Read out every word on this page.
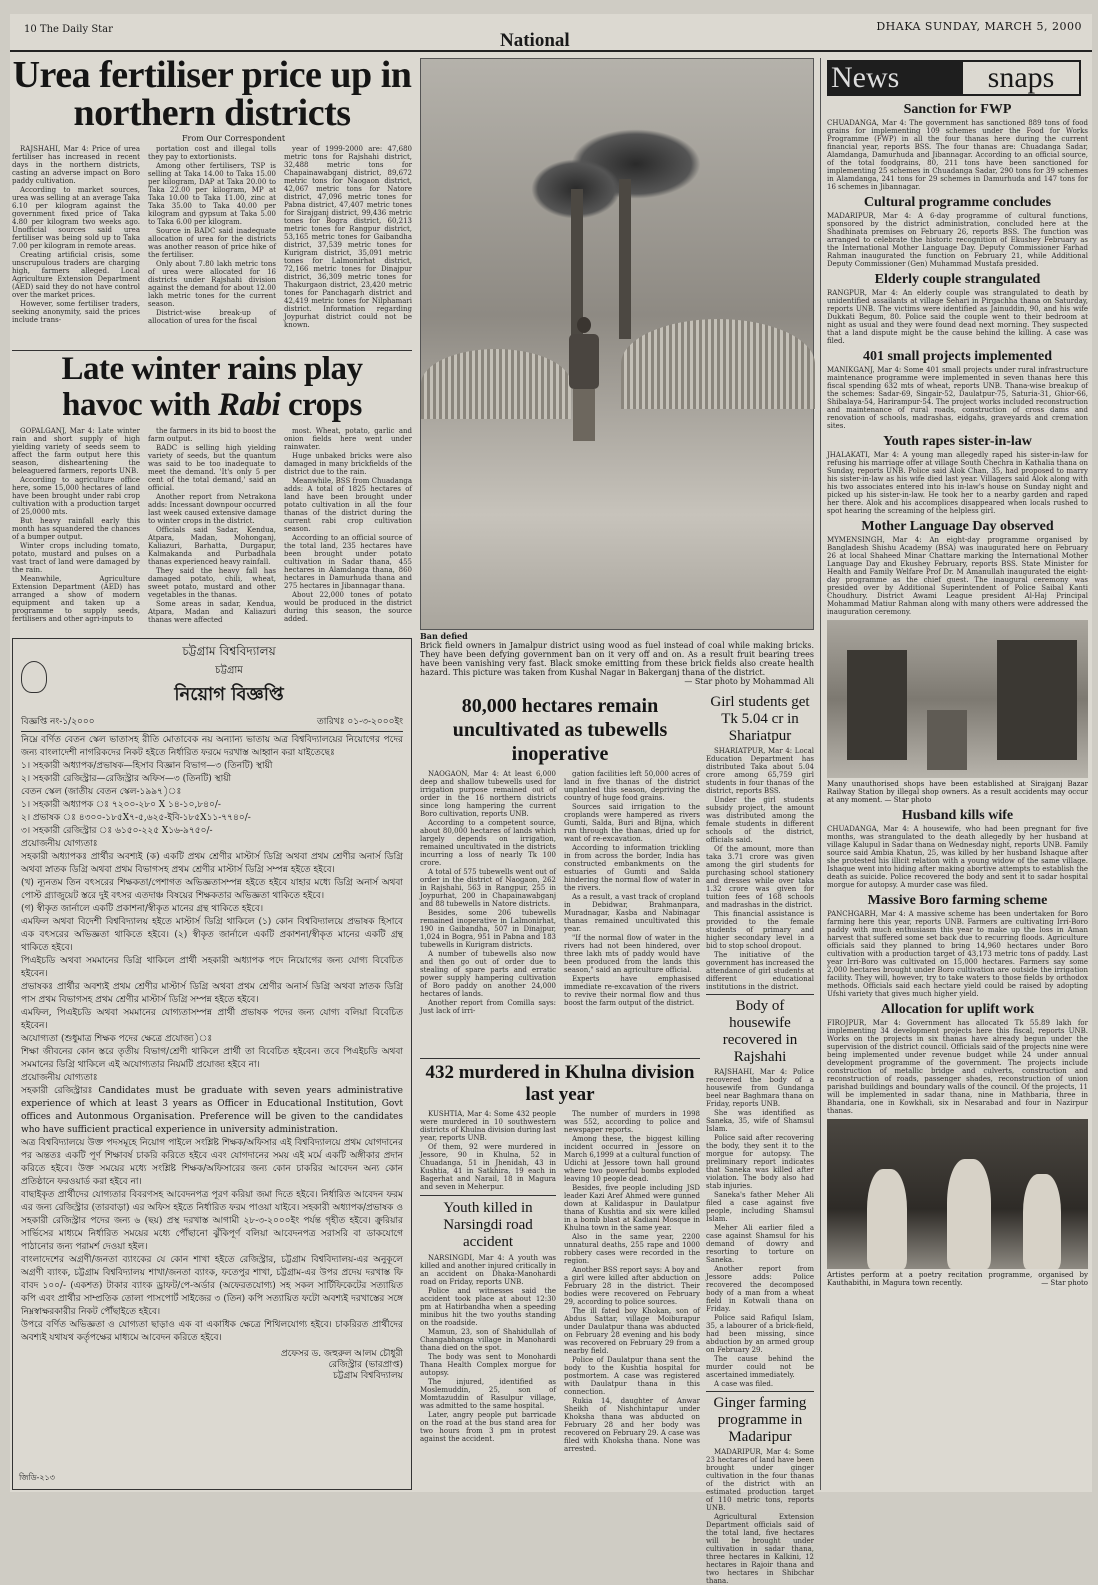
10 The Daily Star
National
DHAKA SUNDAY, MARCH 5, 2000
Urea fertiliser price up in northern districts
From Our Correspondent

RAJSHAHI, Mar 4: Price of urea fertiliser has increased in recent days in the northern districts, casting an adverse impact on Boro paddy cultivation.

According to market sources, urea was selling at an average Taka 6.10 per kilogram against the government fixed price of Taka 4.80 per kilogram two weeks ago. Unofficial sources said urea fertiliser was being sold up to Taka 7.00 per kilogram in remote areas.

Creating artificial crisis, some unscrupulous traders are charging high, farmers alleged. Local Agriculture Extension Department (AED) said they do not have control over the market prices.

However, some fertiliser traders, seeking anonymity, said the prices include trans-

portation cost and illegal tolls they pay to extortionists.

Among other fertilisers, TSP is selling at Taka 14.00 to Taka 15.00 per kilogram, DAP at Taka 20.00 to Taka 22.00 per kilogram, MP at Taka 10.00 to Taka 11.00, zinc at Taka 35.00 to Taka 40.00 per kilogram and gypsum at Taka 5.00 to Taka 6.00 per kilogram.

Source in BADC said inadequate allocation of urea for the districts was another reason of price hike of the fertiliser.

Only about 7.80 lakh metric tons of urea were allocated for 16 districts under Rajshahi division against the demand for about 12.00 lakh metric tones for the current season.

District-wise break-up of allocation of urea for the fiscal

year of 1999-2000 are: 47,680 metric tons for Rajshahi district, 32,488 metric tons for Chapainawabganj district, 89,672 metric tons for Naogaon district, 42,067 metric tons for Natore district, 47,096 metric tones for Pabna district, 47,407 metric tones for Sirajganj district, 99,436 metric tones for Bogra district, 60,213 metric tones for Rangpur district, 53,165 metric tones for Gaibandha district, 37,539 metric tones for Kurigram district, 35,091 metric tones for Lalmonirhat district, 72,166 metric tones for Dinajpur district, 36,309 metric tones for Thakurgaon district, 23,420 metric tones for Panchagarh district and 42,419 metric tones for Nilphamari district. Information regarding Joypurhat district could not be known.

Late winter rains play
havoc with Rabi crops

GOPALGANJ, Mar 4: Late winter rain and short supply of high yielding variety of seeds seem to affect the farm output here this season, disheartening the beleaguered farmers, reports UNB.

According to agriculture office here, some 15,000 hectares of land have been brought under rabi crop cultivation with a production target of 25,0000 mts.

But heavy rainfall early this month has squandered the chances of a bumper output.

Winter crops including tomato, potato, mustard and pulses on a vast tract of land were damaged by the rain.

Meanwhile, Agriculture Extension Department (AED) has arranged a show of modern equipment and taken up a programme to supply seeds, fertilisers and other agri-inputs to

the farmers in its bid to boost the farm output.

BADC is selling high yielding variety of seeds, but the quantum was said to be too inadequate to meet the demand. 'It's only 5 per cent of the total demand,' said an official.

Another report from Netrakona adds: Incessant downpour occurred last week caused extensive damage to winter crops in the district.

Officials said Sadar, Kendua, Atpara, Madan, Mohonganj, Kaliazuri, Barhatta, Durgapur, Kalmakanda and Purbadhala thanas experienced heavy rainfall.

They said the heavy fall has damaged potato, chili, wheat, sweet potato, mustard and other vegetables in the thanas.

Some areas in sadar, Kendua, Atpara, Madan and Kaliazuri thanas were affected

most. Wheat, potato, garlic and onion fields here went under rainwater.

Huge unbaked bricks were also damaged in many brickfields of the district due to the rain.

Meanwhile, BSS from Chuadanga adds: A total of 1825 hectares of land have been brought under potato cultivation in all the four thanas of the district during the current rabi crop cultivation season.

According to an official source of the total land, 235 hectares have been brought under potato cultivation in Sadar thana, 455 hectares in Alamdanga thana, 860 hectares in Damurhuda thana and 275 hectares in Jibannagar thana.

About 22,000 tones of potato would be produced in the district during this season, the source added.

চট্টগ্রাম বিশ্ববিদ্যালয়
চট্টগ্রাম
নিয়োগ বিজ্ঞপ্তি
বিজ্ঞপ্তি নং-১/২০০০	তারিখঃ ০১-৩-২০০০ইং

নিম্নে বর্ণিত বেতন স্কেল ভাতাসহ রীতি মোতাবেক নয় অন্যান্য ভাতায় অত্র বিশ্ববিদ্যালয়ের নিয়োগের পদের জন্য বাংলাদেশী নাগরিকদের নিকট হইতে নির্ধারিত ফরমে দরখাস্ত আহ্বান করা যাইতেছেঃ

১। সহকারী অধ্যাপক/প্রভাষক—হিসাব বিজ্ঞান বিভাগ—৩ (তিনটি) স্থায়ী

২। সহকারী রেজিস্ট্রার—রেজিস্ট্রার অফিস—৩ (তিনটি) স্থায়ী

বেতন স্কেল (জাতীয় বেতন স্কেল-১৯৯৭)ঃ

১। সহকারী অধ্যাপক ঃ ৭২০০-২৮০ X ১৪-১০,৮৪০/-

২। প্রভাষক ঃ ৪৩০০-১৮৫X৭-৫,৬২৫-ইবি-১৮৫X১১-৭৭৪০/-

৩। সহকারী রেজিস্ট্রার ঃ ৬১৫০-২২৫ X১৬-৯৭৫০/-

প্রয়োজনীয় যোগ্যতাঃ

সহকারী অধ্যাপকঃ প্রার্থীর অবশ্যই (ক) একটি প্রথম শ্রেণীর মাস্টার্স ডিগ্রি অথবা প্রথম শ্রেণীর অনার্স ডিগ্রি অথবা স্নাতক ডিগ্রি অথবা প্রথম বিভাগসহ প্রথম শ্রেণীর মাস্টার্স ডিগ্রি সম্পন্ন হইতে হইবে।

(খ) ন্যূনতম তিন বৎসরের শিক্ষকতা/পেশাগত অভিজ্ঞতাসম্পন্ন হইতে হইবে যাহার মধ্যে ডিগ্রি অনার্স অথবা পোস্ট গ্র্যাজুয়েট স্তরে দুই বৎসর এতদাঞ্চ বিষয়ের শিক্ষকতার অভিজ্ঞতা থাকিতে হইবে।

(গ) স্বীকৃত জার্নালে একটি প্রকাশনা/স্বীকৃত মানের গ্রন্থ থাকিতে হইবে।

এমফিল অথবা বিদেশী বিশ্ববিদ্যালয় হইতে মাস্টার্স ডিগ্রি থাকিলে (১) কোন বিশ্ববিদ্যালয়ে প্রভাষক হিসাবে এক বৎসরের অভিজ্ঞতা থাকিতে হইবে। (২) স্বীকৃত জার্নালে একটি প্রকাশনা/স্বীকৃত মানের একটি গ্রন্থ থাকিতে হইবে।

পিএইচডি অথবা সমমানের ডিগ্রি থাকিলে প্রার্থী সহকারী অধ্যাপক পদে নিয়োগের জন্য যোগ্য বিবেচিত হইবেন।

প্রভাষকঃ প্রার্থীর অবশ্যই প্রথম শ্রেণীর মাস্টার্স ডিগ্রি অথবা প্রথম শ্রেণীর অনার্স ডিগ্রি অথবা স্নাতক ডিগ্রি পাস প্রথম বিভাগসহ প্রথম শ্রেণীর মাস্টার্স ডিগ্রি সম্পন্ন হইতে হইবে।

এমফিল, পিএইচডি অথবা সমমানের যোগ্যতাসম্পন্ন প্রার্থী প্রভাষক পদের জন্য যোগ্য বলিয়া বিবেচিত হইবেন।

অযোগ্যতা (শুধুমাত্র শিক্ষক পদের ক্ষেত্রে প্রযোজ্য)ঃ

শিক্ষা জীবনের কোন স্তরে তৃতীয় বিভাগ/শ্রেণী থাকিলে প্রার্থী তা বিবেচিত হইবেন। তবে পিএইচডি অথবা সমমানের ডিগ্রি থাকিলে এই অযোগ্যতার নিয়মটি প্রযোজ্য হইবে না।

প্রয়োজনীয় যোগ্যতাঃ

সহকারী রেজিস্ট্রারঃ Candidates must be graduate with seven years administrative experience of which at least 3 years as Officer in Educational Institution, Govt offices and Autonmous Organisation. Preference will be given to the candidates who have sufficient practical experience in university administration.

অত্র বিশ্ববিদ্যালয়ে উক্ত পদসমূহে নিয়োগ পাইলে সংশ্লিষ্ট শিক্ষক/অফিসার এই বিশ্ববিদ্যালয়ে প্রথম যোগদানের পর অন্ততঃ একটি পূর্ণ শিক্ষাবর্ষ চাকরি করিতে হইবে এবং যোগদানের সময় এই মর্মে একটি অঙ্গীকার প্রদান করিতে হইবে। উক্ত সময়ের মধ্যে সংশ্লিষ্ট শিক্ষক/অফিসারের জন্য কোন চাকরির আবেদন অন্য কোন প্রতিষ্ঠানে ফরওয়ার্ড করা হইবে না।

বাছাইকৃত প্রার্থীদের যোগ্যতার বিবরণসহ আবেদনপত্র পূরণ করিয়া জমা দিতে হইবে। নির্ধারিত আবেদন ফরম এর জন্য রেজিস্ট্রার (তারবাড়া) এর অফিস হইতে নির্ধারিত ফরম পাওয়া যাইবে। সহকারী অধ্যাপক/প্রভাষক ও সহকারী রেজিস্ট্রার পদের জন্য ৬ (ছয়) প্রস্থ দরখাস্ত আগামী ২৮-৩-২০০০ইং পর্যন্ত গৃহীত হইবে। ক্রুরিয়ার সার্ভিসের মাধ্যমে নির্ধারিত সময়ের মধ্যে পৌঁছানো ঝুঁকিপূর্ণ বলিয়া আবেদনপত্র সরাসরি বা ডাকযোগে পাঠানোর জন্য পরামর্শ দেওয়া হইল।

বাংলাদেশের অগ্রণী/জনতা ব্যাংকের যে কোন শাখা হইতে রেজিস্ট্রার, চট্টগ্রাম বিশ্ববিদ্যালয়-এর অনুকূলে অগ্রণী ব্যাংক, চট্টগ্রাম বিশ্ববিদ্যালয় শাখা/জনতা ব্যাংক, ফতেপুর শাখা, চট্টগ্রাম-এর উপর প্রদেয় দরখাস্ত ফি বাবদ ১০০/- (একশত) টাকার ব্যাংক ড্রাফট/পে-অর্ডার (অফেরতযোগ্য) সহ সকল সার্টিফিকেটের সত্যায়িত কপি এবং প্রার্থীর সাম্প্রতিক তোলা পাসপোর্ট সাইজের ৩ (তিন) কপি সত্যায়িত ফটো অবশ্যই দরখাস্তের সঙ্গে নিম্নস্বাক্ষরকারীর নিকট পৌঁছাইতে হইবে।

উপরে বর্ণিত অভিজ্ঞতা ও যোগ্যতা ছাড়াও এক বা একাধিক ক্ষেত্রে শিথিলযোগ্য হইবে। চাকরিরত প্রার্থীদের অবশ্যই যথাযথ কর্তৃপক্ষের মাধ্যমে আবেদন করিতে হইবে।

প্রফেসর ড. জহুরুল আলম চৌধুরী
রেজিস্ট্রার (ভারপ্রাপ্ত)
চট্টগ্রাম বিশ্ববিদ্যালয়
জিডি-২১৩
Ban defied
Brick field owners in Jamalpur district using wood as fuel instead of coal while making bricks. They have been defying government ban on it very off and on. As a result fruit bearing trees have been vanishing very fast. Black smoke emitting from these brick fields also create health hazard. This picture was taken from Kushal Nagar in Bakerganj thana of the district.
— Star photo by Mohammad Ali
80,000 hectares remain uncultivated as tubewells inoperative

NAOGAON, Mar 4: At least 6,000 deep and shallow tubewells used for irrigation purpose remained out of order in the 16 northern districts since long hampering the current Boro cultivation, reports UNB.

According to a competent source, about 80,000 hectares of lands which largely depends on irrigation, remained uncultivated in the districts incurring a loss of nearly Tk 100 crore.

A total of 575 tubewells went out of order in the district of Naogaon, 262 in Rajshahi, 563 in Rangpur, 255 in Joypurhat, 200 in Chapainawabganj and 88 tubewells in Natore districts.

Besides, some 206 tubewells remained inoperative in Lalmonirhat, 190 in Gaibandha, 507 in Dinajpur, 1,024 in Bogra, 951 in Pabna and 183 tubewells in Kurigram districts.

A number of tubewells also now and then go out of order due to stealing of spare parts and erratic power supply hampering cultivation of Boro paddy on another 24,000 hectares of lands.

Another report from Comilla says: Just lack of irri-

gation facilities left 50,000 acres of land in five thanas of the district unplanted this season, depriving the country of huge food grains.

Sources said irrigation to the croplands were hampered as rivers Gumti, Salda, Buri and Bijna, which run through the thanas, dried up for want of re-excavation.

According to information trickling in from across the border, India has constructed embankments on the estuaries of Gumti and Salda hindering the normal flow of water in the rivers.

As a result, a vast track of cropland in Debidwar, Brahmanpara, Muradnagar, Kasba and Nabinagar thanas remained uncultivated this year.

"If the normal flow of water in the rivers had not been hindered, over three lakh mts of paddy would have been produced from the lands this season," said an agriculture official.

Experts have emphasised immediate re-excavation of the rivers to revive their normal flow and thus boost the farm output of the district.

432 murdered in Khulna division last year

KUSHTIA, Mar 4: Some 432 people were murdered in 10 southwestern districts of Khulna division during last year, reports UNB.

Of them, 92 were murdered in Jessore, 90 in Khulna, 52 in Chuadanga, 51 in Jhenidah, 43 in Kushtia, 41 in Satkhira, 19 each in Bagerhat and Narail, 18 in Magura and seven in Meherpur.

Youth killed in Narsingdi road accident

NARSINGDI, Mar 4: A youth was killed and another injured critically in an accident on Dhaka-Manohardi road on Friday, reports UNB.

Police and witnesses said the accident took place at about 12:30 pm at Hatirbandha when a speeding minibus hit the two youths standing on the roadside.

Mamun, 23, son of Shahidullah of Changabhanga village in Manohardi thana died on the spot.

The body was sent to Monohardi Thana Health Complex morgue for autopsy.

The injured, identified as Moslemuddin, 25, son of Momtazuddin of Rasulpur village, was admitted to the same hospital.

Later, angry people put barricade on the road at the bus stand area for two hours from 3 pm in protest against the accident.

The number of murders in 1998 was 552, according to police and newspaper reports.

Among these, the biggest killing incident occurred in Jessore on March 6,1999 at a cultural function of Udichi at Jessore town hall ground where two powerful bombs exploded leaving 10 people dead.

Besides, five people including JSD leader Kazi Aref Ahmed were gunned down at Kalidaspur in Daulatpur thana of Kushtia and six were killed in a bomb blast at Kadiani Mosque in Khulna town in the same year.

Also in the same year, 2200 unnatural deaths, 255 rape and 1000 robbery cases were recorded in the region.

Another BSS report says: A boy and a girl were killed after abduction on February 28 in the district. Their bodies were recovered on February 29, according to police sources.

The ill fated boy Khokan, son of Abdus Sattar, village Moiburapur under Daulatpur thana was abducted on February 28 evening and his body was recovered on February 29 from a nearby field.

Police of Daulatpur thana sent the body to the Kushtia hospital for postmortem. A case was registered with Daulatpur thana in this connection.

Rukia 14, daughter of Anwar Sheikh of Nishchintapur under Khoksha thana was abducted on February 28 and her body was recovered on February 29. A case was filed with Khoksha thana. None was arrested.

Girl students get Tk 5.04 cr in Shariatpur

SHARIATPUR, Mar 4: Local Education Department has distributed Taka about 5.04 crore among 65,759 girl students in four thanas of the district, reports BSS.

Under the girl students subsidy project, the amount was distributed among the female students in different schools of the district, officials said.

Of the amount, more than taka 3.71 crore was given among the girl students for purchasing school stationery and dresses while over taka 1.32 crore was given for tuition fees of 168 schools and madrashas in the district.

This financial assistance is provided to the female students of primary and higher secondary level in a bid to stop school dropout.

The initiative of the government has increased the attendance of girl students at different educational institutions in the district.

Body of housewife recovered in Rajshahi

RAJSHAHI, Mar 4: Police recovered the body of a housewife from Gundanga beel near Baghmara thana on Friday, reports UNB.

She was identified as Saneka, 35, wife of Shamsul Islam.

Police said after recovering the body, they sent it to the morgue for autopsy. The preliminary report indicates that Saneka was killed after violation. The body also had stab injuries.

Saneka's father Meher Ali filed a case against five people, including Shamsul Islam.

Meher Ali earlier filed a case against Shamsul for his demand of dowry and resorting to torture on Saneka.

Another report from Jessore adds: Police recovered the decomposed body of a man from a wheat field in Kotwali thana on Friday.

Police said Rafiqul Islam, 35, a labourer of a brick-field, had been missing, since abduction by an armed group on February 29.

The cause behind the murder could not be ascertained immediately.

A case was filed.

Ginger farming programme in Madaripur

MADARIPUR, Mar 4: Some 23 hectares of land have been brought under ginger cultivation in the four thanas of the district with an estimated production target of 110 metric tons, reports UNB.

Agricultural Extension Department officials said of the total land, five hectares will be brought under cultivation in sadar thana, three hectares in Kalkini, 12 hectares in Rajoir thana and two hectares in Shibchar thana.

News	snaps
Sanction for FWP
CHUADANGA, Mar 4: The government has sanctioned 889 tons of food grains for implementing 109 schemes under the Food for Works Programme (FWP) in all the four thanas here during the current financial year, reports BSS. The four thanas are: Chuadanga Sadar, Alamdanga, Damurhuda and Jibannagar. According to an official source, of the total foodgrains, 80, 211 tons have been sanctioned for implementing 25 schemes in Chuadanga Sadar, 290 tons for 39 schemes in Alamdanga, 241 tons for 29 schemes in Damurhuda and 147 tons for 16 schemes in Jibannagar.
Cultural programme concludes
MADARIPUR, Mar 4: A 6-day programme of cultural functions, sponsored by the district administration, concluded here at the Shadhinata premises on February 26, reports BSS. The function was arranged to celebrate the historic recognition of Ekushey February as the International Mother Language Day. Deputy Commissioner Farhad Rahman inaugurated the function on February 21, while Additional Deputy Commissioner (Gen) Muhammad Mustafa presided.
Elderly couple strangulated
RANGPUR, Mar 4: An elderly couple was strangulated to death by unidentified assailants at village Sehari in Pirgachha thana on Saturday, reports UNB. The victims were identified as Jainuddin, 90, and his wife Dukkati Begum, 80. Police said the couple went to their bedroom at night as usual and they were found dead next morning. They suspected that a land dispute might be the cause behind the killing. A case was filed.
401 small projects implemented
MANIKGANJ, Mar 4: Some 401 small projects under rural infrastructure maintenance programme were implemented in seven thanas here this fiscal spending 632 mts of wheat, reports UNB. Thana-wise breakup of the schemes: Sadar-69, Singair-52, Daulatpur-75, Saturia-31, Ghior-66, Shibalaya-54, Harirampur-54. The project works included reconstruction and maintenance of rural roads, construction of cross dams and renovation of schools, madrashas, eidgahs, graveyards and cremation sites.
Youth rapes sister-in-law
JHALAKATI, Mar 4: A young man allegedly raped his sister-in-law for refusing his marriage offer at village South Chechra in Kathalia thana on Sunday, reports UNB. Police said Alok Chan, 35, had proposed to marry his sister-in-law as his wife died last year. Villagers said Alok along with his two associates entered into his in-law's house on Sunday night and picked up his sister-in-law. He took her to a nearby garden and raped her there. Alok and his accomplices disappeared when locals rushed to spot hearing the screaming of the helpless girl.
Mother Language Day observed
MYMENSINGH, Mar 4: An eight-day programme organised by Bangladesh Shishu Academy (BSA) was inaugurated here on February 26 at local Shaheed Minar Chattare marking the International Mother Language Day and Ekushey February, reports BSS. State Minister for Health and Family Welfare Prof Dr. M Amanullah inaugurated the eight-day programme as the chief guest. The inaugural ceremony was presided over by Additional Superintendent of Police Saibal Kanti Choudhury. District Awami League president Al-Haj Principal Mohammad Matiur Rahman along with many others were addressed the inauguration ceremony.
Many unauthorised shops have been established at Sirajganj Bazar Railway Station by illegal shop owners. As a result accidents may occur at any moment. — Star photo
Husband kills wife
CHUADANGA, Mar 4: A housewife, who had been pregnant for five months, was strangulated to the death allegedly by her husband at village Kalupul in Sadar thana on Wednesday night, reports UNB. Family source said Ambia Khatun, 25, was killed by her husband Ishaque after she protested his illicit relation with a young widow of the same village. Ishaque went into hiding after making abortive attempts to establish the death as suicide. Police recovered the body and sent it to sadar hospital morgue for autopsy. A murder case was filed.
Massive Boro farming scheme
PANCHGARH, Mar 4: A massive scheme has been undertaken for Boro farming here this year, reports UNB. Farmers are cultivating Irri-Boro paddy with much enthusiasm this year to make up the loss in Aman harvest that suffered some set back due to recurring floods. Agriculture officials said they planned to bring 14,960 hectares under Boro cultivation with a production target of 43,173 metric tons of paddy. Last year Irri-Boro was cultivated on 15,000 hectares. Farmers say some 2,000 hectares brought under Boro cultivation are outside the irrigation facility. They will, however, try to take waters to those fields by orthodox methods. Officials said each hectare yield could be raised by adopting Ufshi variety that gives much higher yield.
Allocation for uplift work
FIROJPUR, Mar 4: Government has allocated Tk 55.89 lakh for implementing 34 development projects here this fiscal, reports UNB. Works on the projects in six thanas have already begun under the supervision of the district council. Officials said of the projects nine were being implemented under revenue budget while 24 under annual development programme of the government. The projects include construction of metallic bridge and culverts, construction and reconstruction of roads, passenger shades, reconstruction of union parishad buildings and boundary walls of the council. Of the projects, 11 will be implemented in sadar thana, nine in Mathbaria, three in Bhandaria, one in Kowkhali, six in Nesarabad and four in Nazirpur thanas.
Artistes perform at a poetry recitation programme, organised by Kauthabithi, in Magura town recently.	— Star photo
